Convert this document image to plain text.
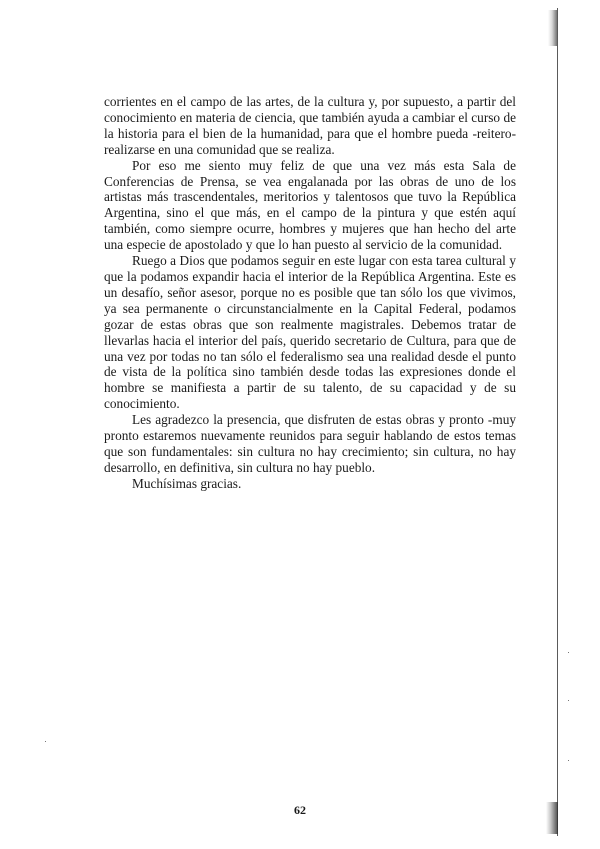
corrientes en el campo de las artes, de la cultura y, por supuesto, a partir del conocimiento en materia de ciencia, que también ayuda a cambiar el curso de la historia para el bien de la humanidad, para que el hombre pueda -reitero- realizarse en una comunidad que se realiza.

Por eso me siento muy feliz de que una vez más esta Sala de Conferencias de Prensa, se vea engalanada por las obras de uno de los artistas más trascendentales, meritorios y talentosos que tuvo la República Argentina, sino el que más, en el campo de la pintura y que estén aquí también, como siempre ocurre, hombres y mujeres que han hecho del arte una especie de apostolado y que lo han puesto al servicio de la comunidad.

Ruego a Dios que podamos seguir en este lugar con esta tarea cultural y que la podamos expandir hacia el interior de la República Argentina. Este es un desafío, señor asesor, porque no es posible que tan sólo los que vivimos, ya sea permanente o circunstancialmente en la Capital Federal, podamos gozar de estas obras que son realmente magistrales. Debemos tratar de llevarlas hacia el interior del país, querido secretario de Cultura, para que de una vez por todas no tan sólo el federalismo sea una realidad desde el punto de vista de la política sino también desde todas las expresiones donde el hombre se manifiesta a partir de su talento, de su capacidad y de su conocimiento.

Les agradezco la presencia, que disfruten de estas obras y pronto -muy pronto estaremos nuevamente reunidos para seguir hablando de estos temas que son fundamentales: sin cultura no hay crecimiento; sin cultura, no hay desarrollo, en definitiva, sin cultura no hay pueblo.

Muchísimas gracias.

62
